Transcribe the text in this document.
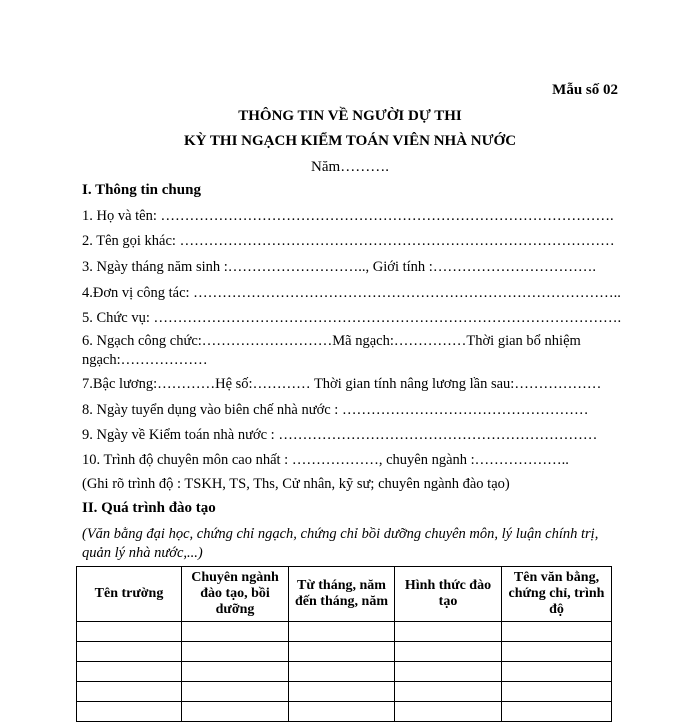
Mẫu số 02
THÔNG TIN VỀ NGƯỜI DỰ THI
KỲ THI NGẠCH KIỂM TOÁN VIÊN NHÀ NƯỚC
Năm……….
I. Thông tin chung
1. Họ và tên: ………………………………………………………………………………….
2. Tên gọi khác: ………………………………………………………………………………
3. Ngày tháng năm sinh :……………………….., Giới tính :…………………………….
4.Đơn vị công tác: ……………………………………………………………………………..
5. Chức vụ: …………………………………………………………………………………….
6. Ngạch công chức:………………………Mã ngạch:……………Thời gian bổ nhiệm ngạch:………………
7.Bậc lương:…………Hệ số:………… Thời gian tính nâng lương lần sau:………………
8. Ngày tuyển dụng vào biên chế nhà nước : ……………………………………………
9. Ngày về Kiểm toán nhà nước : …………………………………………………………
10. Trình độ chuyên môn cao nhất : ………………, chuyên ngành :………………..
(Ghi rõ trình độ : TSKH, TS, Ths, Cử nhân, kỹ sư; chuyên ngành đào tạo)
II. Quá trình đào tạo
(Văn bằng đại học, chứng chỉ ngạch, chứng chỉ bồi dưỡng chuyên môn, lý luận chính trị, quản lý nhà nước,...)
Tên trường	Chuyên ngành đào tạo, bồi dưỡng	Từ tháng, năm đến tháng, năm	Hình thức đào tạo	Tên văn bằng, chứng chỉ, trình độ
